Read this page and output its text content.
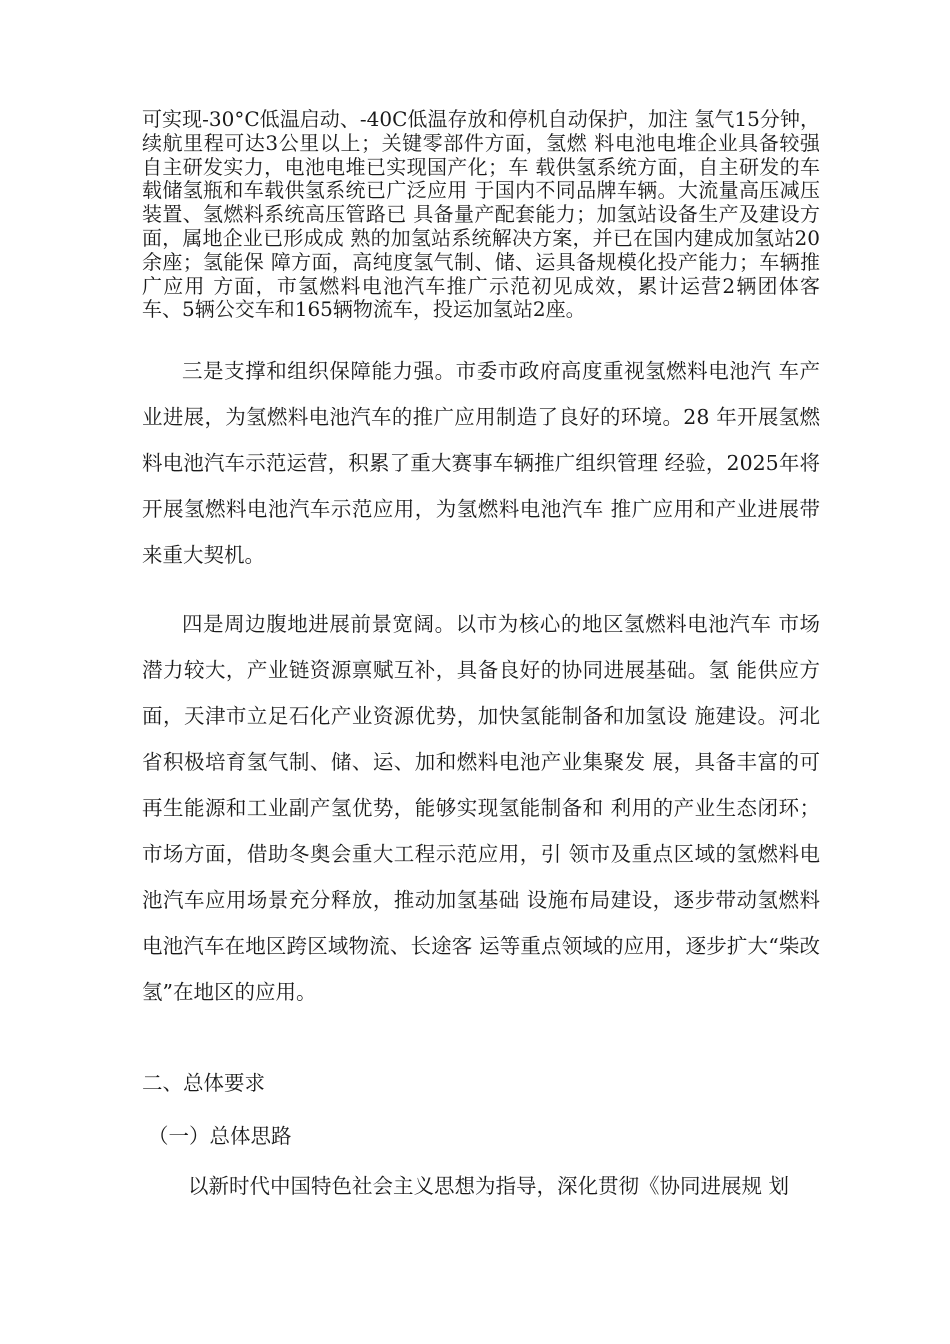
可实现-30°C低温启动、-40C低温存放和停机自动保护，加注 氢气15分钟，续航里程可达3公里以上；关键零部件方面，氢燃 料电池电堆企业具备较强自主研发实力，电池电堆已实现国产化；车 载供氢系统方面，自主研发的车载储氢瓶和车载供氢系统已广泛应用 于国内不同品牌车辆。大流量高压减压装置、氢燃料系统高压管路已 具备量产配套能力；加氢站设备生产及建设方面，属地企业已形成成 熟的加氢站系统解决方案，并已在国内建成加氢站20余座；氢能保 障方面，高纯度氢气制、储、运具备规模化投产能力；车辆推广应用 方面，市氢燃料电池汽车推广示范初见成效，累计运营2辆团体客 车、5辆公交车和165辆物流车，投运加氢站2座。

三是支撑和组织保障能力强。市委市政府高度重视氢燃料电池汽 车产业进展，为氢燃料电池汽车的推广应用制造了良好的环境。28 年开展氢燃料电池汽车示范运营，积累了重大赛事车辆推广组织管理 经验，2025年将开展氢燃料电池汽车示范应用，为氢燃料电池汽车 推广应用和产业进展带来重大契机。

四是周边腹地进展前景宽阔。以市为核心的地区氢燃料电池汽车 市场潜力较大，产业链资源禀赋互补，具备良好的协同进展基础。氢 能供应方面，天津市立足石化产业资源优势，加快氢能制备和加氢设 施建设。河北省积极培育氢气制、储、运、加和燃料电池产业集聚发 展，具备丰富的可再生能源和工业副产氢优势，能够实现氢能制备和 利用的产业生态闭环；市场方面，借助冬奥会重大工程示范应用，引 领市及重点区域的氢燃料电池汽车应用场景充分释放，推动加氢基础 设施布局建设，逐步带动氢燃料电池汽车在地区跨区域物流、长途客 运等重点领域的应用，逐步扩大“柴改氢”在地区的应用。

二、总体要求
（一）总体思路

以新时代中国特色社会主义思想为指导，深化贯彻《协同进展规 划
